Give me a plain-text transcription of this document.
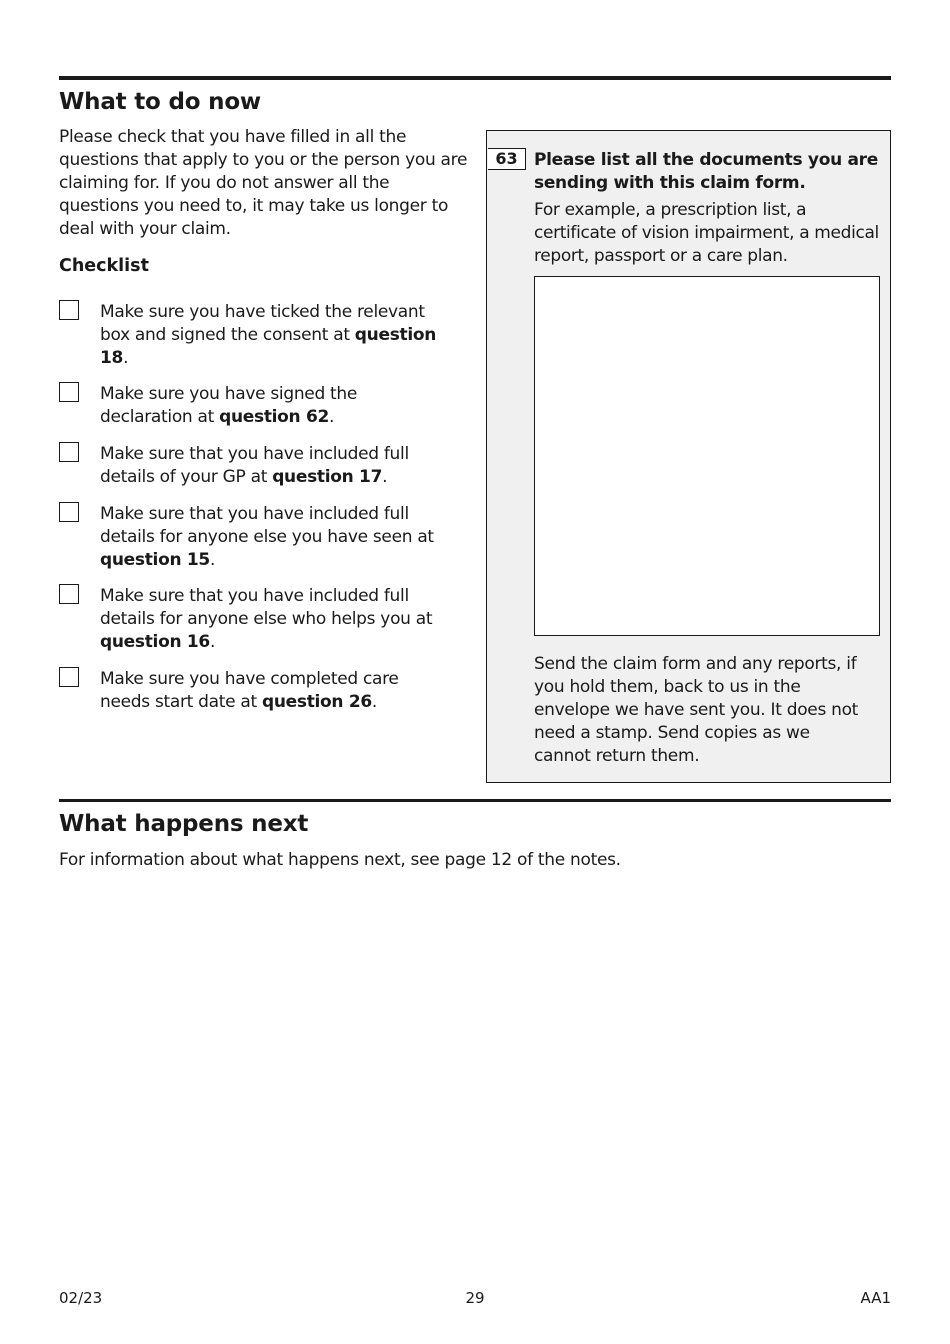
What to do now

Please check that you have filled in all the questions that apply to you or the person you are claiming for. If you do not answer all the questions you need to, it may take us longer to deal with your claim.

Checklist

Make sure you have ticked the relevant box and signed the consent at question 18.
Make sure you have signed the declaration at question 62.
Make sure that you have included full details of your GP at question 17.
Make sure that you have included full details for anyone else you have seen at question 15.
Make sure that you have included full details for anyone else who helps you at question 16.
Make sure you have completed care needs start date at question 26.
63 Please list all the documents you are sending with this claim form.

For example, a prescription list, a certificate of vision impairment, a medical report, passport or a care plan.

Send the claim form and any reports, if you hold them, back to us in the envelope we have sent you. It does not need a stamp. Send copies as we cannot return them.

What happens next

For information about what happens next, see page 12 of the notes.

02/23	29	AA1
